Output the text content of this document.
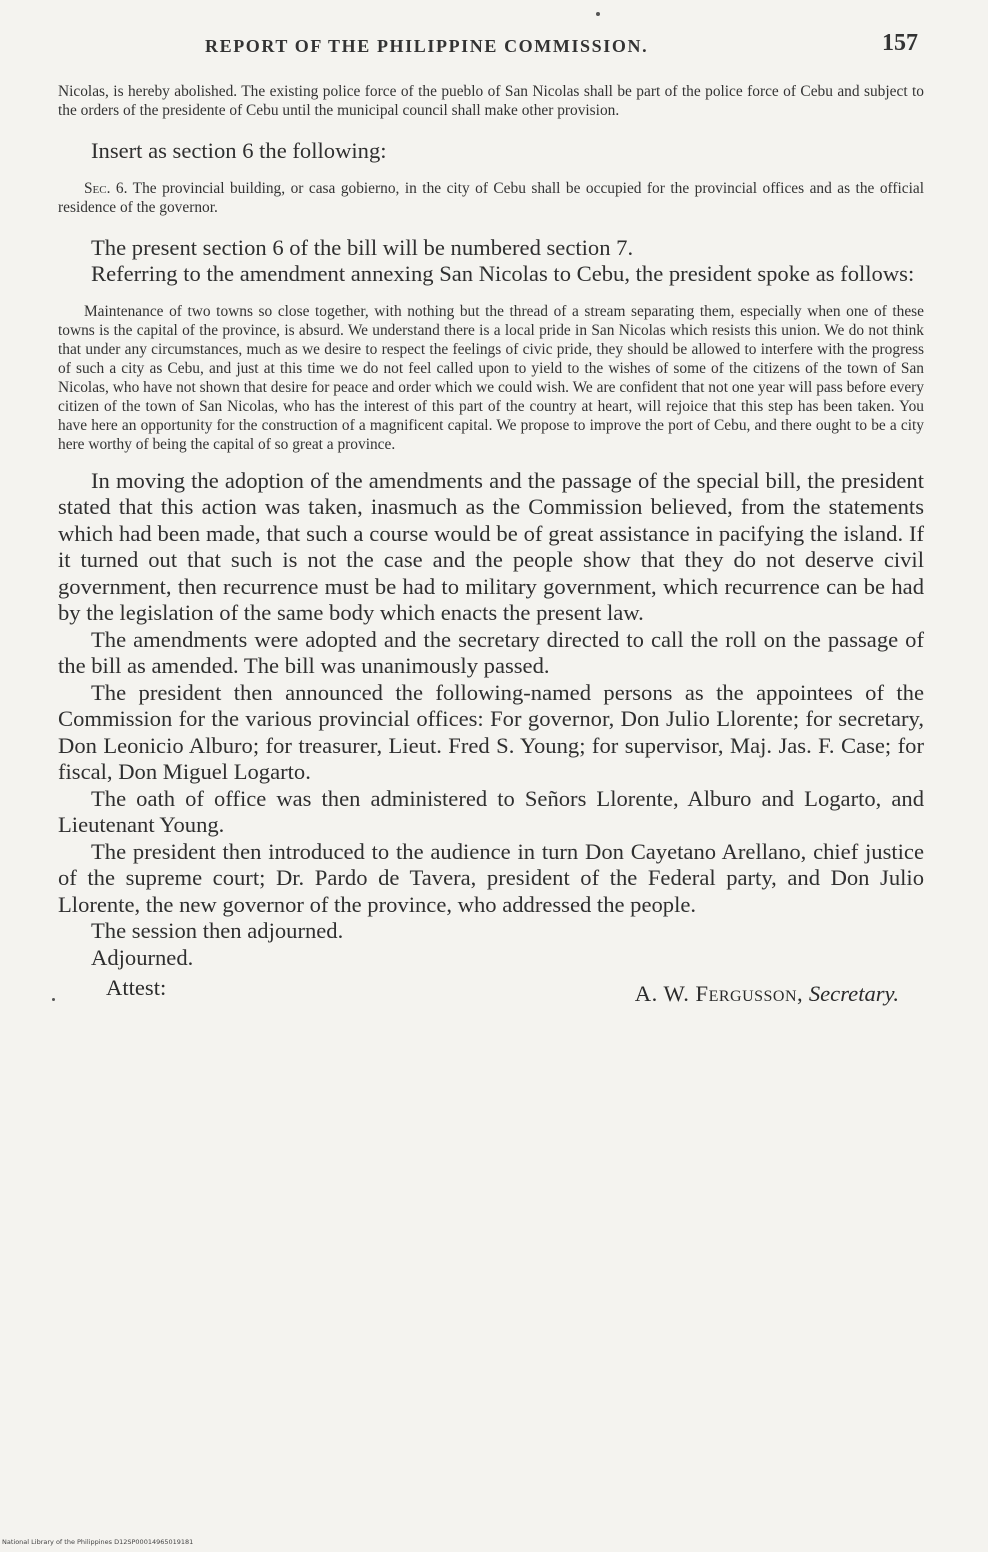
REPORT OF THE PHILIPPINE COMMISSION.	157

Nicolas, is hereby abolished. The existing police force of the pueblo of San Nicolas shall be part of the police force of Cebu and subject to the orders of the presidente of Cebu until the municipal council shall make other provision.

Insert as section 6 the following:

Sec. 6. The provincial building, or casa gobierno, in the city of Cebu shall be occupied for the provincial offices and as the official residence of the governor.

The present section 6 of the bill will be numbered section 7.

Referring to the amendment annexing San Nicolas to Cebu, the president spoke as follows:

Maintenance of two towns so close together, with nothing but the thread of a stream separating them, especially when one of these towns is the capital of the province, is absurd. We understand there is a local pride in San Nicolas which resists this union. We do not think that under any circumstances, much as we desire to respect the feelings of civic pride, they should be allowed to interfere with the progress of such a city as Cebu, and just at this time we do not feel called upon to yield to the wishes of some of the citizens of the town of San Nicolas, who have not shown that desire for peace and order which we could wish. We are confident that not one year will pass before every citizen of the town of San Nicolas, who has the interest of this part of the country at heart, will rejoice that this step has been taken. You have here an opportunity for the construction of a magnificent capital. We propose to improve the port of Cebu, and there ought to be a city here worthy of being the capital of so great a province.

In moving the adoption of the amendments and the passage of the special bill, the president stated that this action was taken, inasmuch as the Commission believed, from the statements which had been made, that such a course would be of great assistance in pacifying the island. If it turned out that such is not the case and the people show that they do not deserve civil government, then recurrence must be had to military government, which recurrence can be had by the legislation of the same body which enacts the present law.

The amendments were adopted and the secretary directed to call the roll on the passage of the bill as amended. The bill was unanimously passed.

The president then announced the following-named persons as the appointees of the Commission for the various provincial offices: For governor, Don Julio Llorente; for secretary, Don Leonicio Alburo; for treasurer, Lieut. Fred S. Young; for supervisor, Maj. Jas. F. Case; for fiscal, Don Miguel Logarto.

The oath of office was then administered to Señors Llorente, Alburo and Logarto, and Lieutenant Young.

The president then introduced to the audience in turn Don Cayetano Arellano, chief justice of the supreme court; Dr. Pardo de Tavera, president of the Federal party, and Don Julio Llorente, the new governor of the province, who addressed the people.

The session then adjourned.

Adjourned.

Attest:	A. W. Fergusson, Secretary.
National Library of the Philippines D12SP00014965019181
